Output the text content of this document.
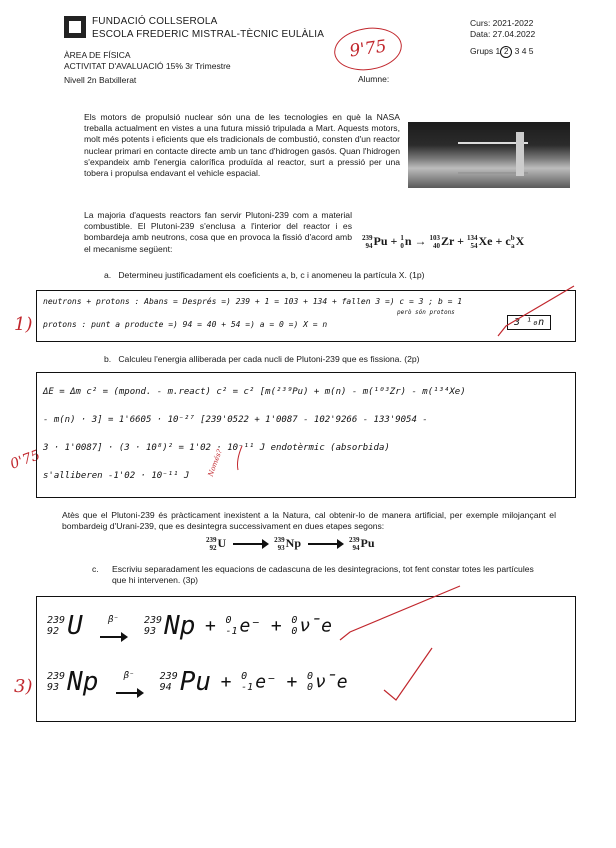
FUNDACIÓ COLLSEROLA
ESCOLA FREDERIC MISTRAL-TÈCNIC EULÀLIA
ÀREA DE FÍSICA
ACTIVITAT D'AVALUACIÓ 15% 3r Trimestre
Nivell 2n Batxillerat
Curs: 2021-2022
Data: 27.04.2022
Grups 1 2 3 4 5
Alumne:
9'75
Els motors de propulsió nuclear són una de les tecnologies en què la NASA treballa actualment en vistes a una futura missió tripulada a Mart. Aquests motors, molt més potents i eficients que els tradicionals de combustió, consten d'un reactor nuclear primari en contacte directe amb un tanc d'hidrogen gasós. Quan l'hidrogen s'expandeix amb l'energia calorífica produïda al reactor, surt a pressió per una tobera i propulsa endavant el vehicle espacial.
La majoria d'aquests reactors fan servir Plutoni-239 com a material combustible. El Plutoni-239 s'enclusa a l'interior del reactor i es bombardeja amb neutrons, cosa que en provoca la fissió d'acord amb el mecanisme següent:
239
94Pu + 1
0n → 103
40Zr + 134
54Xe + cb
aX
a. Determineu justificadament els coeficients a, b, c i anomeneu la partícula X. (1p)
1)
neutrons + protons : Abans = Després =) 239 + 1 = 103 + 134 + fallen 3 =) c = 3 ; b = 1
però són protons
protons : punt a producte =) 94 = 40 + 54 =) a = 0 =) X = n	3 ¹₀n
b. Calculeu l'energia alliberada per cada nucli de Plutoni-239 que es fissiona. (2p)
0'75
ΔE = Δm c² = (mpond. - m.react) c² = c² [m(²³⁹Pu) + m(n) - m(¹⁰³Zr) - m(¹³⁴Xe)
- m(n) · 3] = 1'6605 · 10⁻²⁷ [239'0522 + 1'0087 - 102'9266 - 133'9054 -
3 · 1'0087] · (3 · 10⁸)² = 1'02 · 10⁻¹¹ J endotèrmic (absorbida)
s'alliberen -1'02 · 10⁻¹¹ J Només?
Atès que el Plutoni-239 és pràcticament inexistent a la Natura, cal obtenir-lo de manera artificial, per exemple milojançant el bombardeig d'Urani-239, que es desintegra successivament en dues etapes segons:
239
92U	239
93Np	239
94Pu
c. Escriviu separadament les equacions de cadascuna de les desintegracions, tot fent constar totes les partícules que hi intervenen. (3p)
3)
239
92 U	β⁻	239
93 Np + 0
-1 e⁻ + 0
0 ν̄e
239
93 Np	β⁻	239
94 Pu + 0
-1 e⁻ + 0
0 ν̄e
